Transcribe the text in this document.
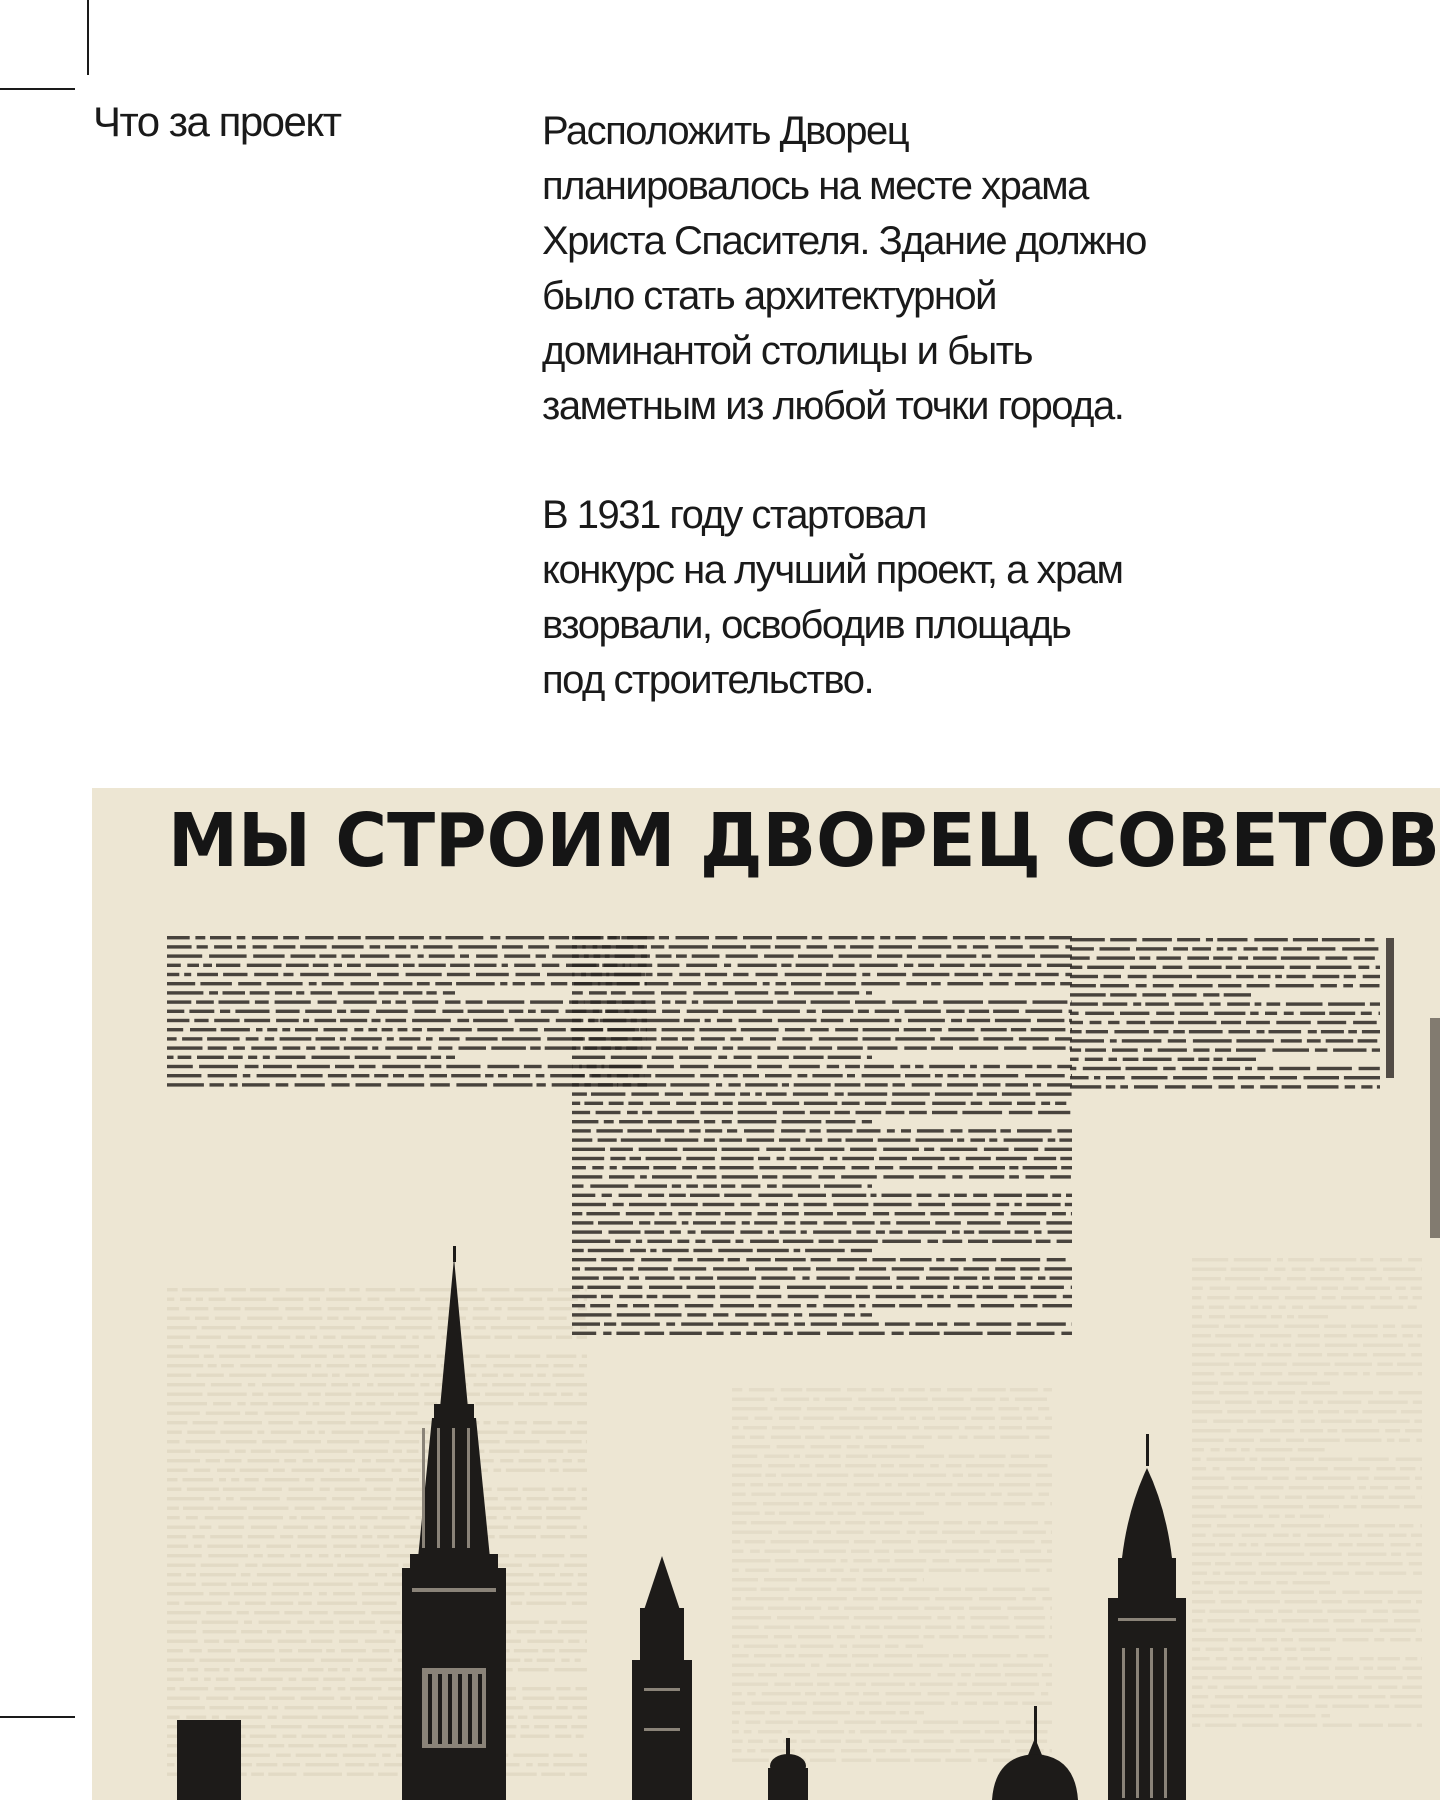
Что за проект	Расположить Дворец
планировалось на месте храма
Христа Спасителя. Здание должно
было стать архитектурной
доминантой столицы и быть
заметным из любой точки города.

В 1931 году стартовал
конкурс на лучший проект, а храм
взорвали, освободив площадь
под строительство.

МЫ СТРОИМ ДВОРЕЦ СОВЕТОВ
